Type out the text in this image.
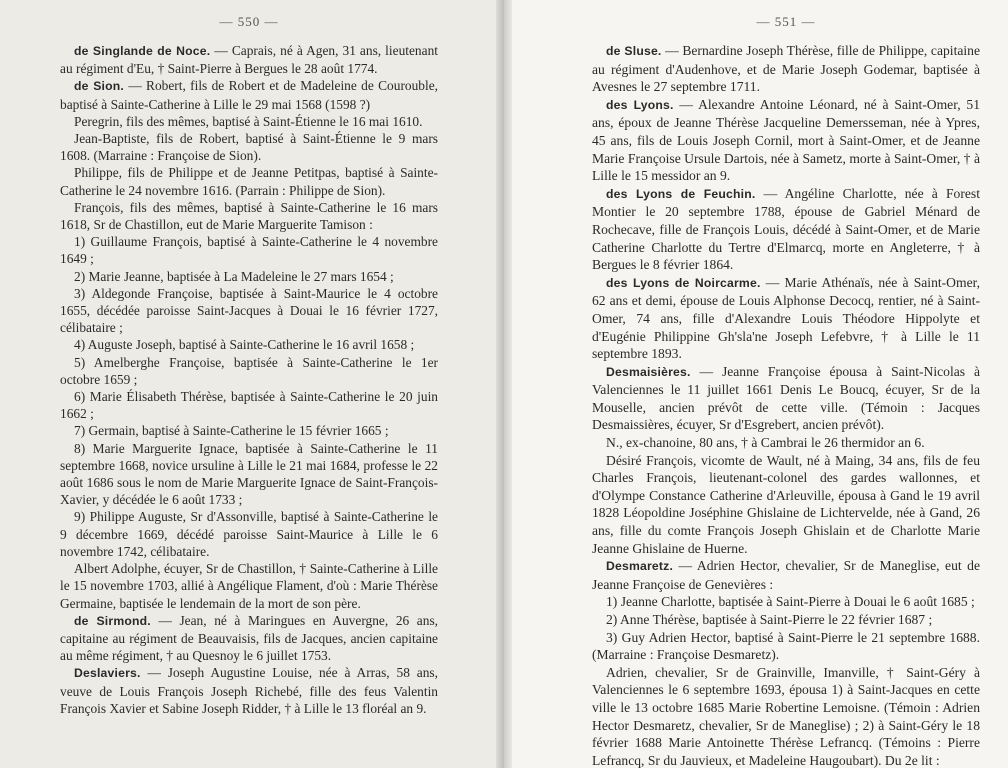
— 550 —

de Singlande de Noce. — Caprais, né à Agen, 31 ans, lieutenant au régiment d'Eu, † Saint-Pierre à Bergues le 28 août 1774.

de Sion. — Robert, fils de Robert et de Madeleine de Courouble, baptisé à Sainte-Catherine à Lille le 29 mai 1568 (1598 ?)

Peregrin, fils des mêmes, baptisé à Saint-Étienne le 16 mai 1610.

Jean-Baptiste, fils de Robert, baptisé à Saint-Étienne le 9 mars 1608. (Marraine : Françoise de Sion).

Philippe, fils de Philippe et de Jeanne Petitpas, baptisé à Sainte-Catherine le 24 novembre 1616. (Parrain : Philippe de Sion).

François, fils des mêmes, baptisé à Sainte-Catherine le 16 mars 1618, Sr de Chastillon, eut de Marie Marguerite Tamison :

1) Guillaume François, baptisé à Sainte-Catherine le 4 novembre 1649 ;

2) Marie Jeanne, baptisée à La Madeleine le 27 mars 1654 ;

3) Aldegonde Françoise, baptisée à Saint-Maurice le 4 octobre 1655, décédée paroisse Saint-Jacques à Douai le 16 février 1727, célibataire ;

4) Auguste Joseph, baptisé à Sainte-Catherine le 16 avril 1658 ;

5) Amelberghe Françoise, baptisée à Sainte-Catherine le 1er octobre 1659 ;

6) Marie Élisabeth Thérèse, baptisée à Sainte-Catherine le 20 juin 1662 ;

7) Germain, baptisé à Sainte-Catherine le 15 février 1665 ;

8) Marie Marguerite Ignace, baptisée à Sainte-Catherine le 11 septembre 1668, novice ursuline à Lille le 21 mai 1684, professe le 22 août 1686 sous le nom de Marie Marguerite Ignace de Saint-François-Xavier, y décédée le 6 août 1733 ;

9) Philippe Auguste, Sr d'Assonville, baptisé à Sainte-Catherine le 9 décembre 1669, décédé paroisse Saint-Maurice à Lille le 6 novembre 1742, célibataire.

Albert Adolphe, écuyer, Sr de Chastillon, † Sainte-Catherine à Lille le 15 novembre 1703, allié à Angélique Flament, d'où : Marie Thérèse Germaine, baptisée le lendemain de la mort de son père.

de Sirmond. — Jean, né à Maringues en Auvergne, 26 ans, capitaine au régiment de Beauvaisis, fils de Jacques, ancien capitaine au même régiment, † au Quesnoy le 6 juillet 1753.

Deslaviers. — Joseph Augustine Louise, née à Arras, 58 ans, veuve de Louis François Joseph Richebé, fille des feus Valentin François Xavier et Sabine Joseph Ridder, † à Lille le 13 floréal an 9.

— 551 —

de Sluse. — Bernardine Joseph Thérèse, fille de Philippe, capitaine au régiment d'Audenhove, et de Marie Joseph Godemar, baptisée à Avesnes le 27 septembre 1711.

des Lyons. — Alexandre Antoine Léonard, né à Saint-Omer, 51 ans, époux de Jeanne Thérèse Jacqueline Demersseman, née à Ypres, 45 ans, fils de Louis Joseph Cornil, mort à Saint-Omer, et de Jeanne Marie Françoise Ursule Dartois, née à Sametz, morte à Saint-Omer, † à Lille le 15 messidor an 9.

des Lyons de Feuchin. — Angéline Charlotte, née à Forest Montier le 20 septembre 1788, épouse de Gabriel Ménard de Rochecave, fille de François Louis, décédé à Saint-Omer, et de Marie Catherine Charlotte du Tertre d'Elmarcq, morte en Angleterre, † à Bergues le 8 février 1864.

des Lyons de Noircarme. — Marie Athénaïs, née à Saint-Omer, 62 ans et demi, épouse de Louis Alphonse Decocq, rentier, né à Saint-Omer, 74 ans, fille d'Alexandre Louis Théodore Hippolyte et d'Eugénie Philippine Gh'sla'ne Joseph Lefebvre, † à Lille le 11 septembre 1893.

Desmaisières. — Jeanne Françoise épousa à Saint-Nicolas à Valenciennes le 11 juillet 1661 Denis Le Boucq, écuyer, Sr de la Mouselle, ancien prévôt de cette ville. (Témoin : Jacques Desmaissières, écuyer, Sr d'Esgrebert, ancien prévôt).

N., ex-chanoine, 80 ans, † à Cambrai le 26 thermidor an 6.

Désiré François, vicomte de Wault, né à Maing, 34 ans, fils de feu Charles François, lieutenant-colonel des gardes wallonnes, et d'Olympe Constance Catherine d'Arleuville, épousa à Gand le 19 avril 1828 Léopoldine Joséphine Ghislaine de Lichtervelde, née à Gand, 26 ans, fille du comte François Joseph Ghislain et de Charlotte Marie Jeanne Ghislaine de Huerne.

Desmaretz. — Adrien Hector, chevalier, Sr de Maneglise, eut de Jeanne Françoise de Genevières :

1) Jeanne Charlotte, baptisée à Saint-Pierre à Douai le 6 août 1685 ;

2) Anne Thérèse, baptisée à Saint-Pierre le 22 février 1687 ;

3) Guy Adrien Hector, baptisé à Saint-Pierre le 21 septembre 1688. (Marraine : Françoise Desmaretz).

Adrien, chevalier, Sr de Grainville, Imanville, † Saint-Géry à Valenciennes le 6 septembre 1693, épousa 1) à Saint-Jacques en cette ville le 13 octobre 1685 Marie Robertine Lemoisne. (Témoin : Adrien Hector Desmaretz, chevalier, Sr de Maneglise) ; 2) à Saint-Géry le 18 février 1688 Marie Antoinette Thérèse Lefrancq. (Témoins : Pierre Lefrancq, Sr du Jauvieux, et Madeleine Haugoubart). Du 2e lit :
